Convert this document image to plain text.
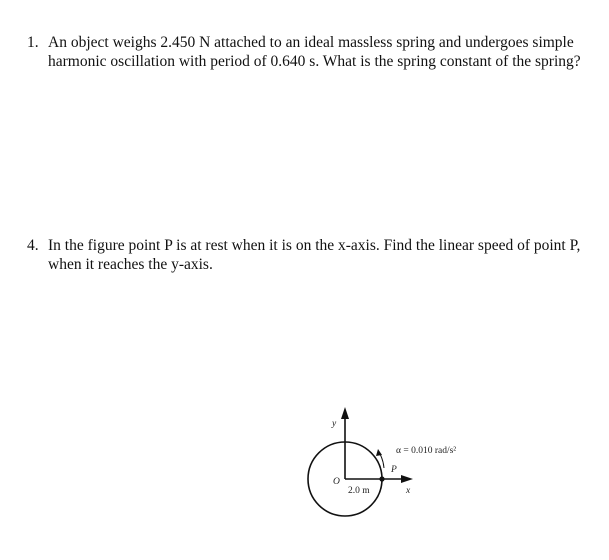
1. An object weighs 2.450 N attached to an ideal massless spring and undergoes simple harmonic oscillation with period of 0.640 s. What is the spring constant of the spring?
4. In the figure point P is at rest when it is on the x-axis. Find the linear speed of point P, when it reaches the y-axis.
y
x
O
P
2.0 m
α = 0.010 rad/s²
